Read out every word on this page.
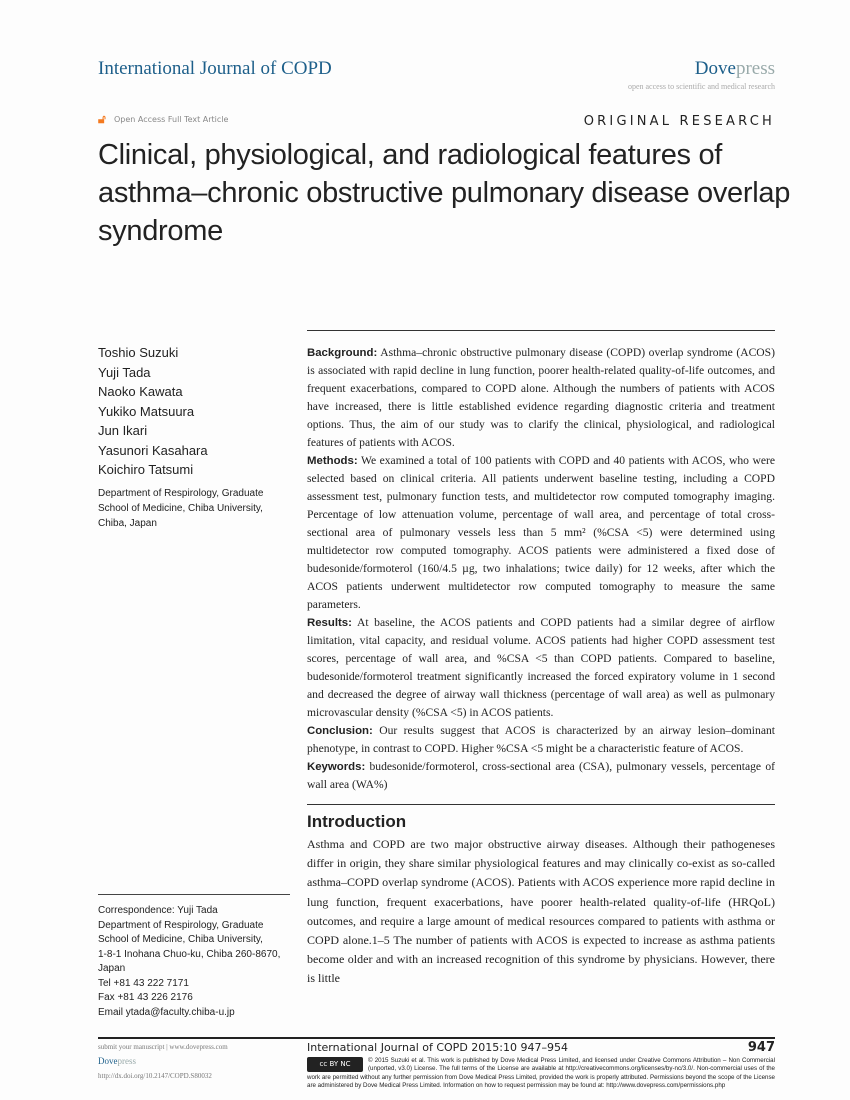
International Journal of COPD	Dovepress
open access to scientific and medical research
🔓︎ Open Access Full Text Article	ORIGINAL RESEARCH
Clinical, physiological, and radiological features of asthma–chronic obstructive pulmonary disease overlap syndrome
Toshio Suzuki
Yuji Tada
Naoko Kawata
Yukiko Matsuura
Jun Ikari
Yasunori Kasahara
Koichiro Tatsumi
Department of Respirology, Graduate School of Medicine, Chiba University, Chiba, Japan
Correspondence: Yuji Tada
Department of Respirology, Graduate School of Medicine, Chiba University,
1-8-1 Inohana Chuo-ku, Chiba 260-8670, Japan
Tel +81 43 222 7171
Fax +81 43 226 2176
Email ytada@faculty.chiba-u.jp

Background: Asthma–chronic obstructive pulmonary disease (COPD) overlap syndrome (ACOS) is associated with rapid decline in lung function, poorer health-related quality-of-life outcomes, and frequent exacerbations, compared to COPD alone. Although the numbers of patients with ACOS have increased, there is little established evidence regarding diagnostic criteria and treatment options. Thus, the aim of our study was to clarify the clinical, physiological, and radiological features of patients with ACOS.

Methods: We examined a total of 100 patients with COPD and 40 patients with ACOS, who were selected based on clinical criteria. All patients underwent baseline testing, including a COPD assessment test, pulmonary function tests, and multidetector row computed tomography imaging. Percentage of low attenuation volume, percentage of wall area, and percentage of total cross-sectional area of pulmonary vessels less than 5 mm² (%CSA <5) were determined using multidetector row computed tomography. ACOS patients were administered a fixed dose of budesonide/formoterol (160/4.5 µg, two inhalations; twice daily) for 12 weeks, after which the ACOS patients underwent multidetector row computed tomography to measure the same parameters.

Results: At baseline, the ACOS patients and COPD patients had a similar degree of airflow limitation, vital capacity, and residual volume. ACOS patients had higher COPD assessment test scores, percentage of wall area, and %CSA <5 than COPD patients. Compared to baseline, budesonide/formoterol treatment significantly increased the forced expiratory volume in 1 second and decreased the degree of airway wall thickness (percentage of wall area) as well as pulmonary microvascular density (%CSA <5) in ACOS patients.

Conclusion: Our results suggest that ACOS is characterized by an airway lesion–dominant phenotype, in contrast to COPD. Higher %CSA <5 might be a characteristic feature of ACOS.

Keywords: budesonide/formoterol, cross-sectional area (CSA), pulmonary vessels, percentage of wall area (WA%)

Introduction
Asthma and COPD are two major obstructive airway diseases. Although their pathogeneses differ in origin, they share similar physiological features and may clinically co-exist as so-called asthma–COPD overlap syndrome (ACOS). Patients with ACOS experience more rapid decline in lung function, frequent exacerbations, have poorer health-related quality-of-life (HRQoL) outcomes, and require a large amount of medical resources compared to patients with asthma or COPD alone.1–5 The number of patients with ACOS is expected to increase as asthma patients become older and with an increased recognition of this syndrome by physicians. However, there is little
submit your manuscript | www.dovepress.com
Dovepress
http://dx.doi.org/10.2147/COPD.S80032
International Journal of COPD 2015:10 947–954	947
cc BY NC	© 2015 Suzuki et al. This work is published by Dove Medical Press Limited, and licensed under Creative Commons Attribution – Non Commercial (unported, v3.0) License. The full terms of the License are available at http://creativecommons.org/licenses/by-nc/3.0/. Non-commercial uses of the work are permitted without any further permission from Dove Medical Press Limited, provided the work is properly attributed. Permissions beyond the scope of the License are administered by Dove Medical Press Limited. Information on how to request permission may be found at: http://www.dovepress.com/permissions.php
